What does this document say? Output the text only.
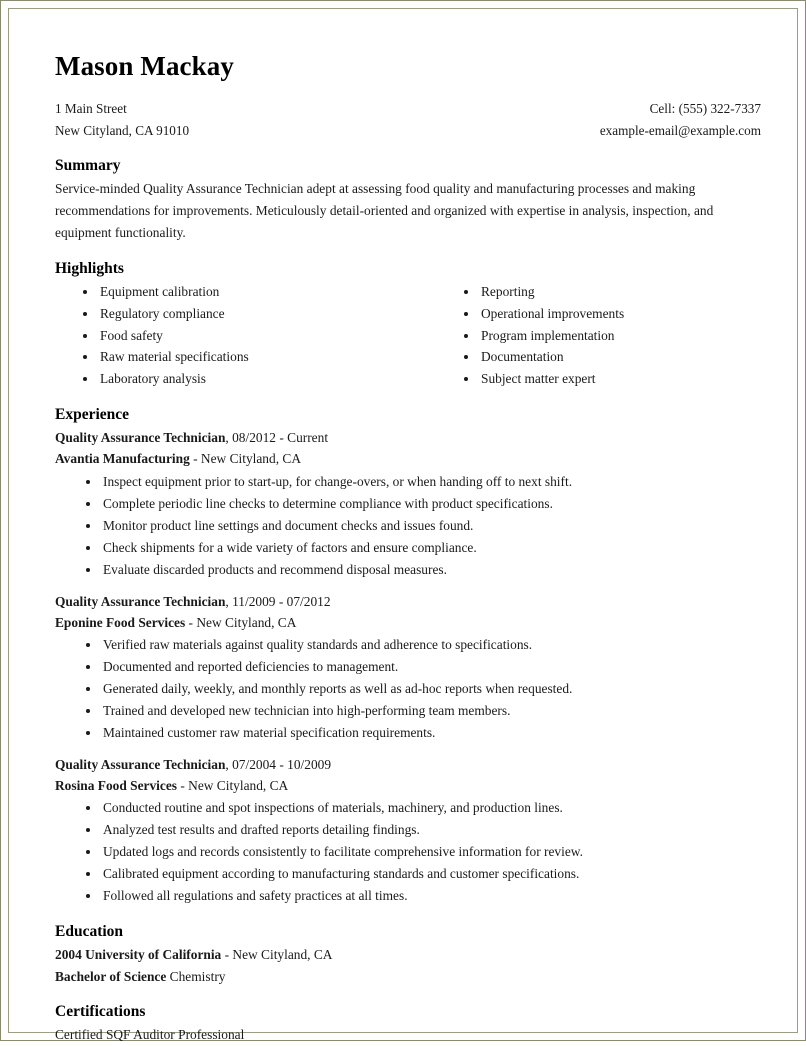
Mason Mackay
1 Main Street
New Cityland, CA 91010
Cell: (555) 322-7337
example-email@example.com
Summary

Service-minded Quality Assurance Technician adept at assessing food quality and manufacturing processes and making recommendations for improvements. Meticulously detail-oriented and organized with expertise in analysis, inspection, and equipment functionality.

Highlights
Equipment calibration
Regulatory compliance
Food safety
Raw material specifications
Laboratory analysis
Reporting
Operational improvements
Program implementation
Documentation
Subject matter expert
Experience

Quality Assurance Technician, 08/2012 - Current

Avantia Manufacturing - New Cityland, CA

Inspect equipment prior to start-up, for change-overs, or when handing off to next shift.
Complete periodic line checks to determine compliance with product specifications.
Monitor product line settings and document checks and issues found.
Check shipments for a wide variety of factors and ensure compliance.
Evaluate discarded products and recommend disposal measures.

Quality Assurance Technician, 11/2009 - 07/2012

Eponine Food Services - New Cityland, CA

Verified raw materials against quality standards and adherence to specifications.
Documented and reported deficiencies to management.
Generated daily, weekly, and monthly reports as well as ad-hoc reports when requested.
Trained and developed new technician into high-performing team members.
Maintained customer raw material specification requirements.

Quality Assurance Technician, 07/2004 - 10/2009

Rosina Food Services - New Cityland, CA

Conducted routine and spot inspections of materials, machinery, and production lines.
Analyzed test results and drafted reports detailing findings.
Updated logs and records consistently to facilitate comprehensive information for review.
Calibrated equipment according to manufacturing standards and customer specifications.
Followed all regulations and safety practices at all times.
Education

2004 University of California - New Cityland, CA

Bachelor of Science Chemistry

Certifications

Certified SQF Auditor Professional
